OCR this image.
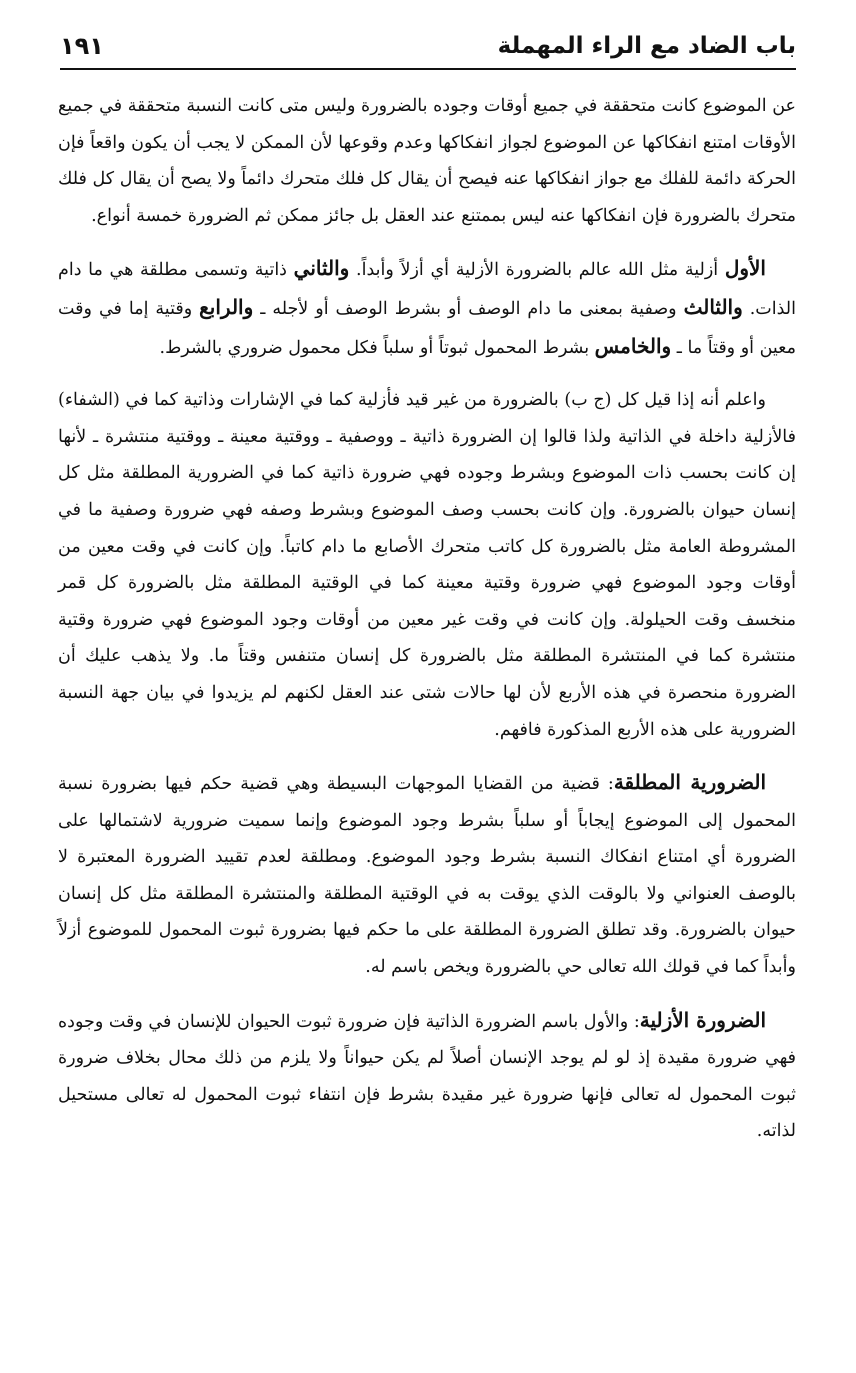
باب الضاد مع الراء المهملة
١٩١

عن الموضوع كانت متحققة في جميع أوقات وجوده بالضرورة وليس متى كانت النسبة متحققة في جميع الأوقات امتنع انفكاكها عن الموضوع لجواز انفكاكها وعدم وقوعها لأن الممكن لا يجب أن يكون واقعاً فإن الحركة دائمة للفلك مع جواز انفكاكها عنه فيصح أن يقال كل فلك متحرك دائماً ولا يصح أن يقال كل فلك متحرك بالضرورة فإن انفكاكها عنه ليس بممتنع عند العقل بل جائز ممكن ثم الضرورة خمسة أنواع.

الأول أزلية مثل الله عالم بالضرورة الأزلية أي أزلاً وأبداً. والثاني ذاتية وتسمى مطلقة هي ما دام الذات. والثالث وصفية بمعنى ما دام الوصف أو بشرط الوصف أو لأجله ـ والرابع وقتية إما في وقت معين أو وقتاً ما ـ والخامس بشرط المحمول ثبوتاً أو سلباً فكل محمول ضروري بالشرط.

واعلم أنه إذا قيل كل (ج ب) بالضرورة من غير قيد فأزلية كما في الإشارات وذاتية كما في (الشفاء) فالأزلية داخلة في الذاتية ولذا قالوا إن الضرورة ذاتية ـ ووصفية ـ ووقتية معينة ـ ووقتية منتشرة ـ لأنها إن كانت بحسب ذات الموضوع وبشرط وجوده فهي ضرورة ذاتية كما في الضرورية المطلقة مثل كل إنسان حيوان بالضرورة. وإن كانت بحسب وصف الموضوع وبشرط وصفه فهي ضرورة وصفية ما في المشروطة العامة مثل بالضرورة كل كاتب متحرك الأصابع ما دام كاتباً. وإن كانت في وقت معين من أوقات وجود الموضوع فهي ضرورة وقتية معينة كما في الوقتية المطلقة مثل بالضرورة كل قمر منخسف وقت الحيلولة. وإن كانت في وقت غير معين من أوقات وجود الموضوع فهي ضرورة وقتية منتشرة كما في المنتشرة المطلقة مثل بالضرورة كل إنسان متنفس وقتاً ما. ولا يذهب عليك أن الضرورة منحصرة في هذه الأربع لأن لها حالات شتى عند العقل لكنهم لم يزيدوا في بيان جهة النسبة الضرورية على هذه الأربع المذكورة فافهم.

الضرورية المطلقة: قضية من القضايا الموجهات البسيطة وهي قضية حكم فيها بضرورة نسبة المحمول إلى الموضوع إيجاباً أو سلباً بشرط وجود الموضوع وإنما سميت ضرورية لاشتمالها على الضرورة أي امتناع انفكاك النسبة بشرط وجود الموضوع. ومطلقة لعدم تقييد الضرورة المعتبرة لا بالوصف العنواني ولا بالوقت الذي يوقت به في الوقتية المطلقة والمنتشرة المطلقة مثل كل إنسان حيوان بالضرورة. وقد تطلق الضرورة المطلقة على ما حكم فيها بضرورة ثبوت المحمول للموضوع أزلاً وأبداً كما في قولك الله تعالى حي بالضرورة ويخص باسم له.

الضرورة الأزلية: والأول باسم الضرورة الذاتية فإن ضرورة ثبوت الحيوان للإنسان في وقت وجوده فهي ضرورة مقيدة إذ لو لم يوجد الإنسان أصلاً لم يكن حيواناً ولا يلزم من ذلك محال بخلاف ضرورة ثبوت المحمول له تعالى فإنها ضرورة غير مقيدة بشرط فإن انتفاء ثبوت المحمول له تعالى مستحيل لذاته.
